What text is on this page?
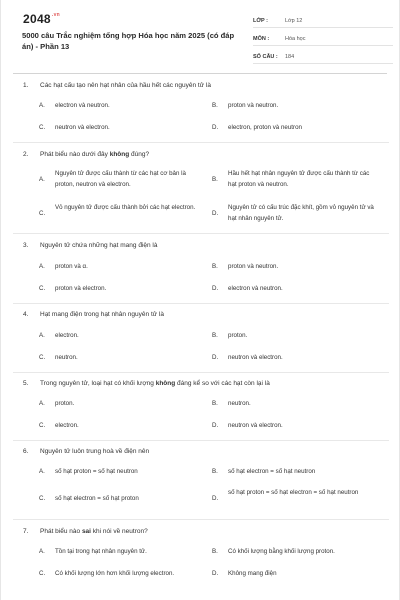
$2048^{.vn}$
5000 câu Trắc nghiệm tổng hợp Hóa học năm 2025 (có đáp án) - Phần 13
LỚP :	Lớp 12
MÔN :	Hóa học
SỐ CÂU :	184
1. Các hạt cấu tạo nên hạt nhân của hầu hết các nguyên tử là
A. electron và neutron.	B. proton và neutron.
C. neutron và electron.	D. electron, proton và neutron
2. Phát biểu nào dưới đây không đúng?
A.
Nguyên tử được cấu thành từ các hạt cơ bản là proton, neutron và electron.
B.
Hầu hết hạt nhân nguyên tử được cấu thành từ các hạt proton và neutron.
C.
Vỏ nguyên tử được cấu thành bởi các hạt electron.
D.
Nguyên tử có cấu trúc đặc khít, gồm vỏ nguyên tử và hạt nhân nguyên tử.
3. Nguyên tử chứa những hạt mang điện là
A. proton và α.	B. proton và neutron.
C. proton và electron.	D. electron và neutron.
4. Hạt mang điện trong hạt nhân nguyên tử là
A. electron.	B. proton.
C. neutron.	D. neutron và electron.
5. Trong nguyên tử, loại hạt có khối lượng không đáng kể so với các hạt còn lại là
A. proton.	B. neutron.
C. electron.	D. neutron và electron.
6. Nguyên tử luôn trung hoà về điện nên
A. số hạt proton = số hạt neutron	B. số hạt electron = số hạt neutron
C. số hạt electron = số hạt proton	D.
số hạt proton = số hạt electron = số hạt neutron
7. Phát biểu nào sai khi nói về neutron?
A. Tồn tại trong hạt nhân nguyên tử.	B. Có khối lượng bằng khối lượng proton.
C. Có khối lượng lớn hơn khối lượng electron.	D. Không mang điện
